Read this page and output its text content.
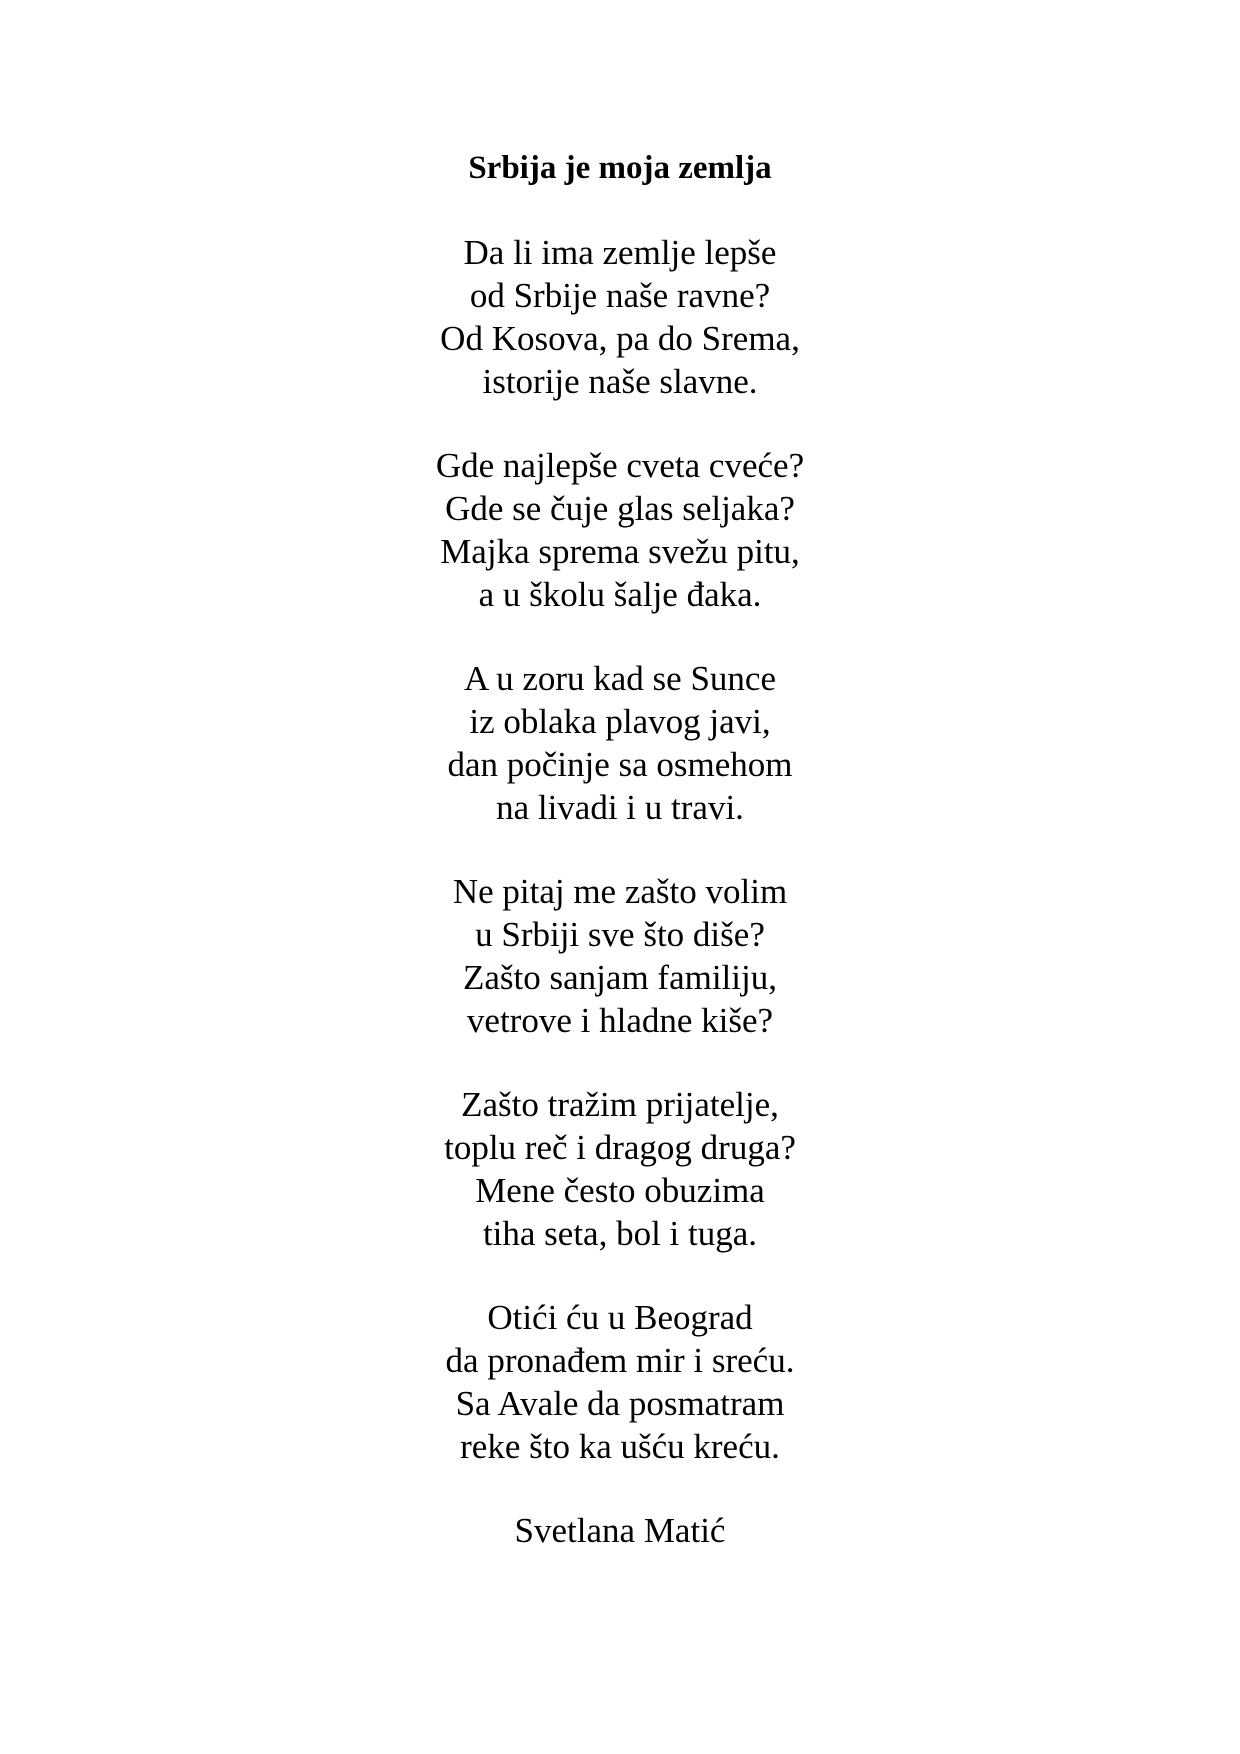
Srbija je moja zemlja
Da li ima zemlje lepše
od Srbije naše ravne?
Od Kosova, pa do Srema,
istorije naše slavne.
Gde najlepše cveta cveće?
Gde se čuje glas seljaka?
Majka sprema svežu pitu,
a u školu šalje đaka.
A u zoru kad se Sunce
iz oblaka plavog javi,
dan počinje sa osmehom
na livadi i u travi.
Ne pitaj me zašto volim
u Srbiji sve što diše?
Zašto sanjam familiju,
vetrove i hladne kiše?
Zašto tražim prijatelje,
toplu reč i dragog druga?
Mene često obuzima
tiha seta, bol i tuga.
Otići ću u Beograd
da pronađem mir i sreću.
Sa Avale da posmatram
reke što ka ušću kreću.

Svetlana Matić
